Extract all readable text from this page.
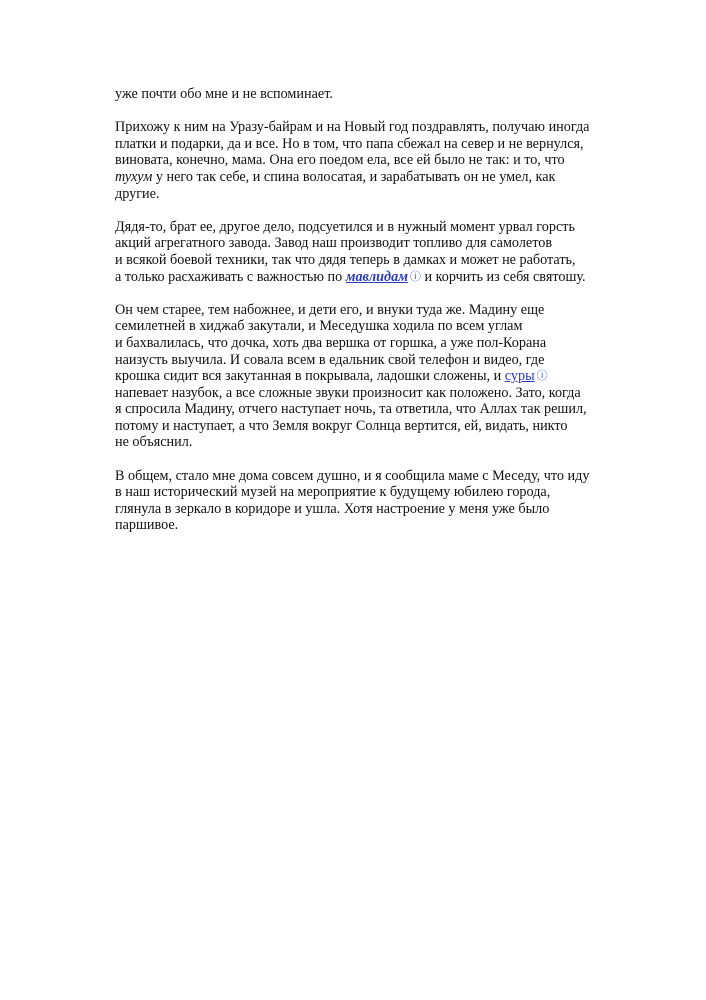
уже почти обо мне и не вспоминает.

Прихожу к ним на Уразу-байрам и на Новый год поздравлять, получаю иногда
платки и подарки, да и все. Но в том, что папа сбежал на север и не вернулся,
виновата, конечно, мама. Она его поедом ела, все ей было не так: и то, что
тухум у него так себе, и спина волосатая, и зарабатывать он не умел, как
другие.

Дядя-то, брат ее, другое дело, подсуетился и в нужный момент урвал горсть
акций агрегатного завода. Завод наш производит топливо для самолетов
и всякой боевой техники, так что дядя теперь в дамках и может не работать,
а только расхаживать с важностью по мавлидам ⓘ и корчить из себя святошу.

Он чем старее, тем набожнее, и дети его, и внуки туда же. Мадину еще
семилетней в хиджаб закутали, и Меседушка ходила по всем углам
и бахвалилась, что дочка, хоть два вершка от горшка, а уже пол-Корана
наизусть выучила. И совала всем в едальник свой телефон и видео, где
крошка сидит вся закутанная в покрывала, ладошки сложены, и суры ⓘ
напевает назубок, а все сложные звуки произносит как положено. Зато, когда
я спросила Мадину, отчего наступает ночь, та ответила, что Аллах так решил,
потому и наступает, а что Земля вокруг Солнца вертится, ей, видать, никто
не объяснил.

В общем, стало мне дома совсем душно, и я сообщила маме с Меседу, что иду
в наш исторический музей на мероприятие к будущему юбилею города,
глянула в зеркало в коридоре и ушла. Хотя настроение у меня уже было
паршивое.
